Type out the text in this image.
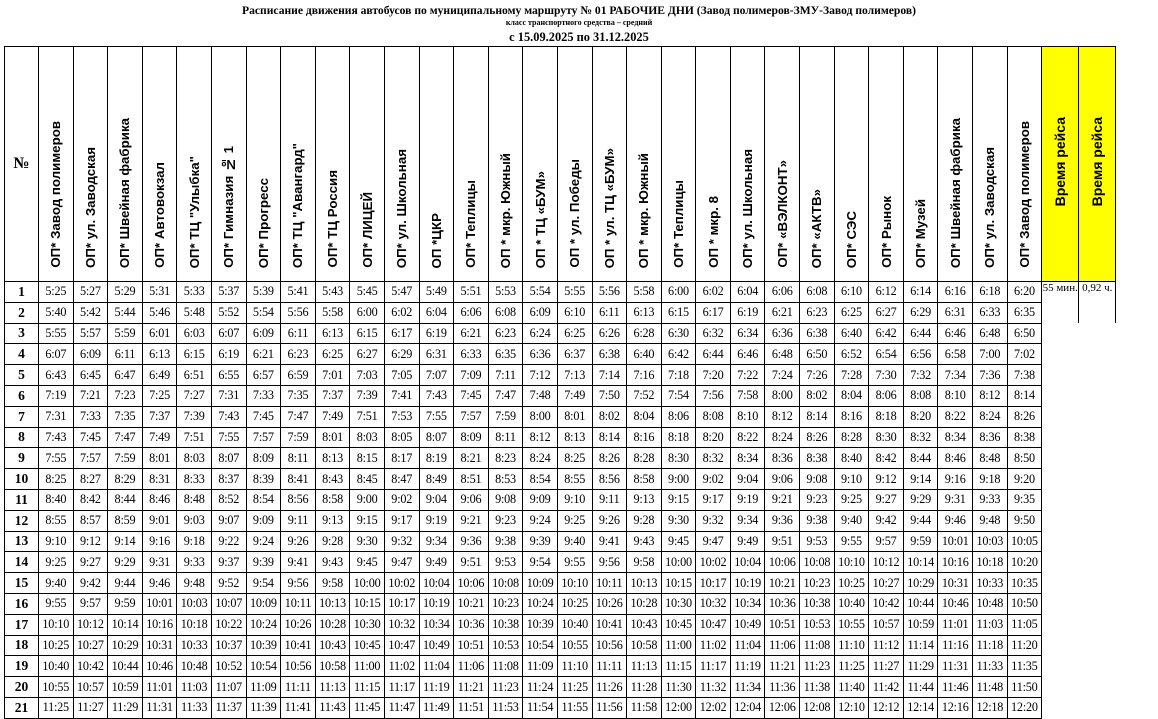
Расписание движения автобусов по муниципальному маршруту № 01 РАБОЧИЕ ДНИ (Завод полимеров-ЗМУ-Завод полимеров)
класс транспортного средства – средний
с 15.09.2025 по 31.12.2025
№	ОП* Завод полимеров	ОП* ул. Заводская	ОП* Швейная фабрика	ОП* Автовокзал	ОП* ТЦ "Улыбка"	ОП* Гимназия № 1	ОП* Прогресс	ОП* ТЦ "Авангард"	ОП* ТЦ Россия	ОП* ЛИЦЕЙ	ОП* ул. Школьная	ОП *ЦКР	ОП* Теплицы	ОП * мкр. Южный	ОП * ТЦ «БУМ»	ОП * ул. Победы	ОП * ул. ТЦ «БУМ»	ОП * мкр. Южный	ОП* Теплицы	ОП * мкр. 8	ОП* ул. Школьная	ОП* «ВЭЛКОНТ»	ОП* «АКТВ»	ОП* СЭС	ОП* Рынок	ОП* Музей	ОП* Швейная фабрика	ОП* ул. Заводская	ОП* Завод полимеров	Время рейса	Время рейса
1	5:25	5:27	5:29	5:31	5:33	5:37	5:39	5:41	5:43	5:45	5:47	5:49	5:51	5:53	5:54	5:55	5:56	5:58	6:00	6:02	6:04	6:06	6:08	6:10	6:12	6:14	6:16	6:18	6:20	55 мин.	0,92 ч.
2	5:40	5:42	5:44	5:46	5:48	5:52	5:54	5:56	5:58	6:00	6:02	6:04	6:06	6:08	6:09	6:10	6:11	6:13	6:15	6:17	6:19	6:21	6:23	6:25	6:27	6:29	6:31	6:33	6:35		
3	5:55	5:57	5:59	6:01	6:03	6:07	6:09	6:11	6:13	6:15	6:17	6:19	6:21	6:23	6:24	6:25	6:26	6:28	6:30	6:32	6:34	6:36	6:38	6:40	6:42	6:44	6:46	6:48	6:50		
4	6:07	6:09	6:11	6:13	6:15	6:19	6:21	6:23	6:25	6:27	6:29	6:31	6:33	6:35	6:36	6:37	6:38	6:40	6:42	6:44	6:46	6:48	6:50	6:52	6:54	6:56	6:58	7:00	7:02		
5	6:43	6:45	6:47	6:49	6:51	6:55	6:57	6:59	7:01	7:03	7:05	7:07	7:09	7:11	7:12	7:13	7:14	7:16	7:18	7:20	7:22	7:24	7:26	7:28	7:30	7:32	7:34	7:36	7:38		
6	7:19	7:21	7:23	7:25	7:27	7:31	7:33	7:35	7:37	7:39	7:41	7:43	7:45	7:47	7:48	7:49	7:50	7:52	7:54	7:56	7:58	8:00	8:02	8:04	8:06	8:08	8:10	8:12	8:14		
7	7:31	7:33	7:35	7:37	7:39	7:43	7:45	7:47	7:49	7:51	7:53	7:55	7:57	7:59	8:00	8:01	8:02	8:04	8:06	8:08	8:10	8:12	8:14	8:16	8:18	8:20	8:22	8:24	8:26		
8	7:43	7:45	7:47	7:49	7:51	7:55	7:57	7:59	8:01	8:03	8:05	8:07	8:09	8:11	8:12	8:13	8:14	8:16	8:18	8:20	8:22	8:24	8:26	8:28	8:30	8:32	8:34	8:36	8:38		
9	7:55	7:57	7:59	8:01	8:03	8:07	8:09	8:11	8:13	8:15	8:17	8:19	8:21	8:23	8:24	8:25	8:26	8:28	8:30	8:32	8:34	8:36	8:38	8:40	8:42	8:44	8:46	8:48	8:50		
10	8:25	8:27	8:29	8:31	8:33	8:37	8:39	8:41	8:43	8:45	8:47	8:49	8:51	8:53	8:54	8:55	8:56	8:58	9:00	9:02	9:04	9:06	9:08	9:10	9:12	9:14	9:16	9:18	9:20		
11	8:40	8:42	8:44	8:46	8:48	8:52	8:54	8:56	8:58	9:00	9:02	9:04	9:06	9:08	9:09	9:10	9:11	9:13	9:15	9:17	9:19	9:21	9:23	9:25	9:27	9:29	9:31	9:33	9:35		
12	8:55	8:57	8:59	9:01	9:03	9:07	9:09	9:11	9:13	9:15	9:17	9:19	9:21	9:23	9:24	9:25	9:26	9:28	9:30	9:32	9:34	9:36	9:38	9:40	9:42	9:44	9:46	9:48	9:50		
13	9:10	9:12	9:14	9:16	9:18	9:22	9:24	9:26	9:28	9:30	9:32	9:34	9:36	9:38	9:39	9:40	9:41	9:43	9:45	9:47	9:49	9:51	9:53	9:55	9:57	9:59	10:01	10:03	10:05		
14	9:25	9:27	9:29	9:31	9:33	9:37	9:39	9:41	9:43	9:45	9:47	9:49	9:51	9:53	9:54	9:55	9:56	9:58	10:00	10:02	10:04	10:06	10:08	10:10	10:12	10:14	10:16	10:18	10:20		
15	9:40	9:42	9:44	9:46	9:48	9:52	9:54	9:56	9:58	10:00	10:02	10:04	10:06	10:08	10:09	10:10	10:11	10:13	10:15	10:17	10:19	10:21	10:23	10:25	10:27	10:29	10:31	10:33	10:35		
16	9:55	9:57	9:59	10:01	10:03	10:07	10:09	10:11	10:13	10:15	10:17	10:19	10:21	10:23	10:24	10:25	10:26	10:28	10:30	10:32	10:34	10:36	10:38	10:40	10:42	10:44	10:46	10:48	10:50		
17	10:10	10:12	10:14	10:16	10:18	10:22	10:24	10:26	10:28	10:30	10:32	10:34	10:36	10:38	10:39	10:40	10:41	10:43	10:45	10:47	10:49	10:51	10:53	10:55	10:57	10:59	11:01	11:03	11:05		
18	10:25	10:27	10:29	10:31	10:33	10:37	10:39	10:41	10:43	10:45	10:47	10:49	10:51	10:53	10:54	10:55	10:56	10:58	11:00	11:02	11:04	11:06	11:08	11:10	11:12	11:14	11:16	11:18	11:20		
19	10:40	10:42	10:44	10:46	10:48	10:52	10:54	10:56	10:58	11:00	11:02	11:04	11:06	11:08	11:09	11:10	11:11	11:13	11:15	11:17	11:19	11:21	11:23	11:25	11:27	11:29	11:31	11:33	11:35		
20	10:55	10:57	10:59	11:01	11:03	11:07	11:09	11:11	11:13	11:15	11:17	11:19	11:21	11:23	11:24	11:25	11:26	11:28	11:30	11:32	11:34	11:36	11:38	11:40	11:42	11:44	11:46	11:48	11:50		
21	11:25	11:27	11:29	11:31	11:33	11:37	11:39	11:41	11:43	11:45	11:47	11:49	11:51	11:53	11:54	11:55	11:56	11:58	12:00	12:02	12:04	12:06	12:08	12:10	12:12	12:14	12:16	12:18	12:20		
